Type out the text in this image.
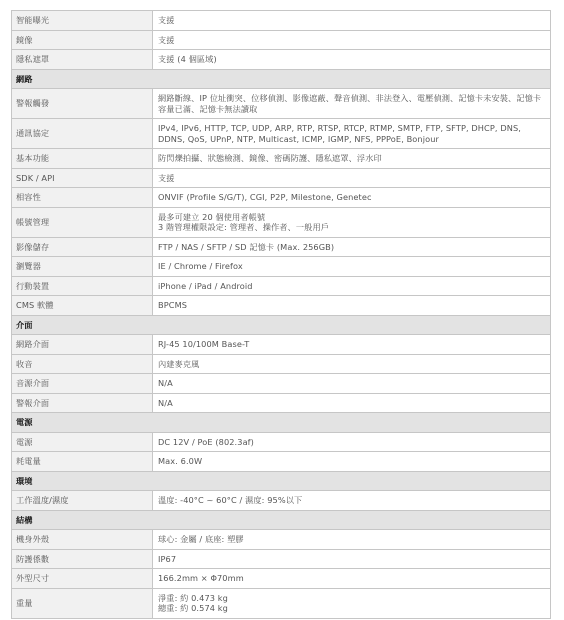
智能曝光	支援
鏡像	支援
隱私遮罩	支援 (4 個區域)
網路	
警報觸發	網路斷線、IP 位址衝突、位移偵測、影像遮蔽、聲音偵測、非法登入、電壓偵測、記憶卡未安裝、記憶卡容量已滿、記憶卡無法讀取
通訊協定	IPv4, IPv6, HTTP, TCP, UDP, ARP, RTP, RTSP, RTCP, RTMP, SMTP, FTP, SFTP, DHCP, DNS, DDNS, QoS, UPnP, NTP, Multicast, ICMP, IGMP, NFS, PPPoE, Bonjour
基本功能	防閃爍拍攝、狀態檢測、鏡像、密碼防護、隱私遮罩、浮水印
SDK / API	支援
相容性	ONVIF (Profile S/G/T), CGI, P2P, Milestone, Genetec
帳號管理	最多可建立 20 個使用者帳號
3 階管理權限設定: 管理者、操作者、一般用戶

影像儲存	FTP / NAS / SFTP / SD 記憶卡 (Max. 256GB)
瀏覽器	IE / Chrome / Firefox
行動裝置	iPhone / iPad / Android
CMS 軟體	BPCMS
介面	
網路介面	RJ-45 10/100M Base-T
收音	內建麥克風
音源介面	N/A
警報介面	N/A
電源	
電源	DC 12V / PoE (802.3af)
耗電量	Max. 6.0W
環境	
工作溫度/濕度	溫度: -40°C ~ 60°C / 濕度: 95%以下
結構	
機身外殼	球心: 金屬 / 底座: 塑膠
防護係數	IP67
外型尺寸	166.2mm × Φ70mm
重量	淨重: 約 0.473 kg
總重: 約 0.574 kg
